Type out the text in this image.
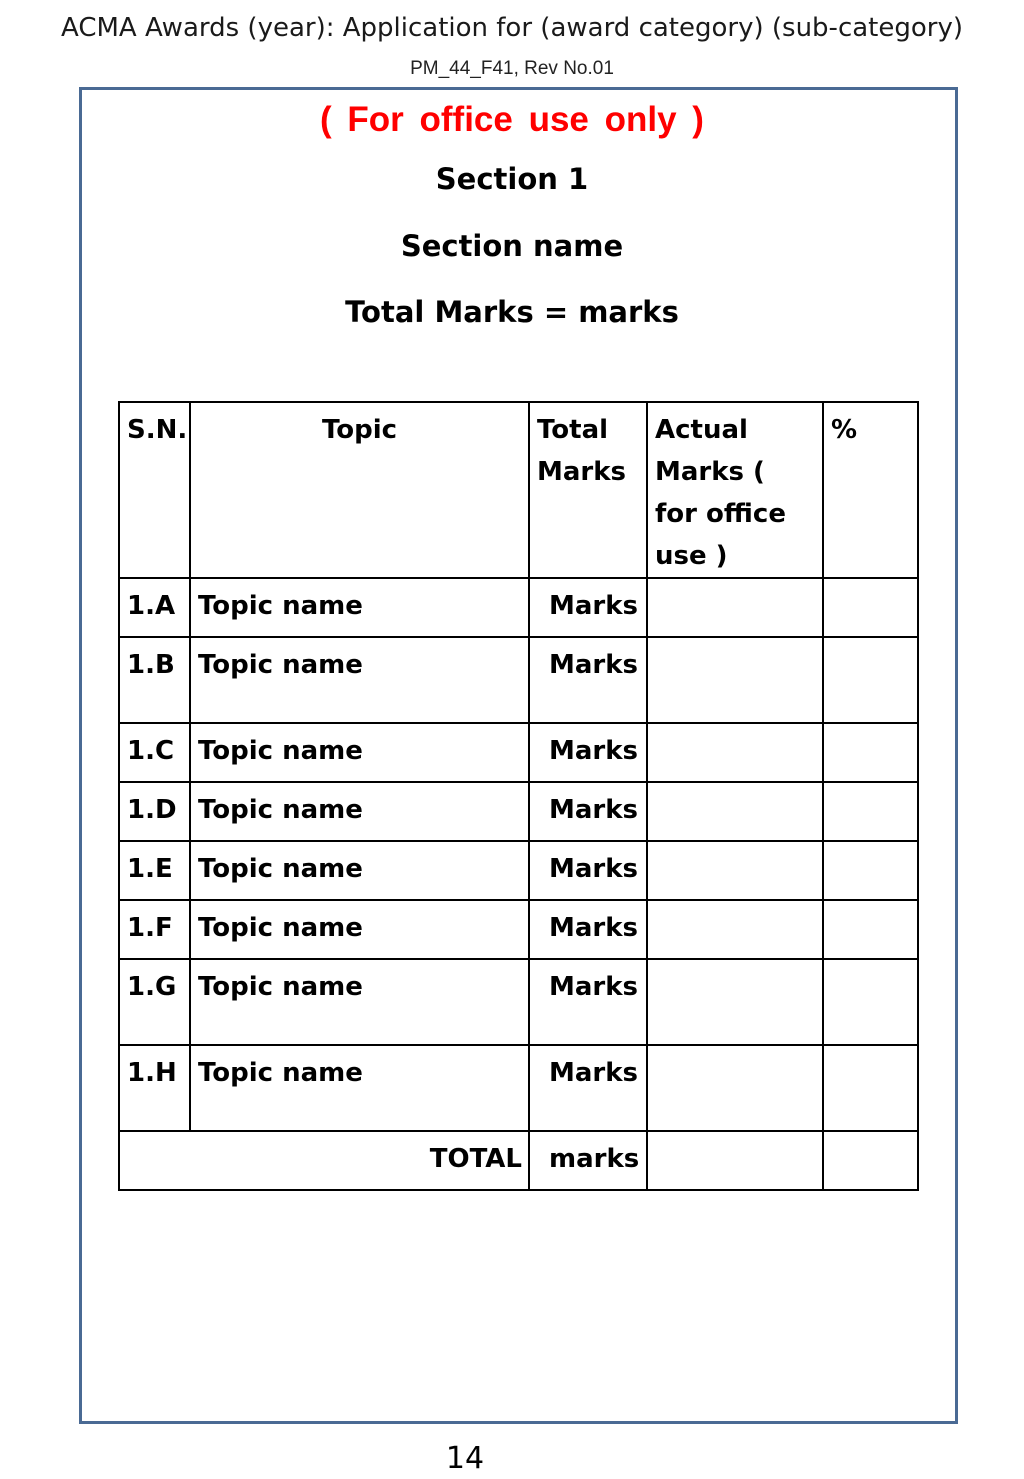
ACMA Awards (year): Application for (award category) (sub-category)
PM_44_F41, Rev No.01
( For office use only )
Section 1
Section name
Total Marks = marks
S.N.	Topic	Total Marks	Actual Marks ( for office use )	%
1.A	Topic name	Marks		
1.B	Topic name	Marks		
1.C	Topic name	Marks		
1.D	Topic name	Marks		
1.E	Topic name	Marks		
1.F	Topic name	Marks		
1.G	Topic name	Marks		
1.H	Topic name	Marks		
TOTAL		marks		
14
